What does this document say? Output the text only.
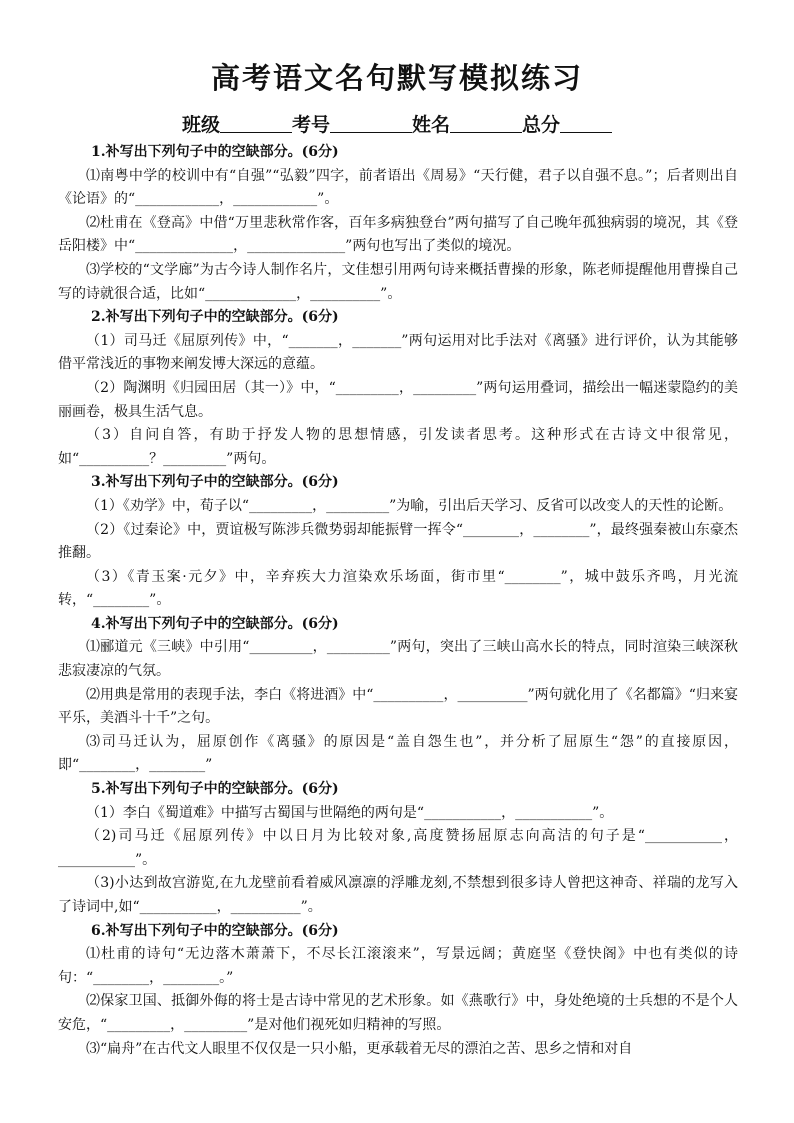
高考语文名句默写模拟练习
班级	考号	姓名	总分
1.补写出下列句子中的空缺部分。(6分)

⑴南粤中学的校训中有“自强”“弘毅”四字，前者语出《周易》“天行健，君子以自强不息。”；后者则出自《论语》的“____________，____________”。

⑵杜甫在《登高》中借“万里悲秋常作客，百年多病独登台”两句描写了自己晚年孤独病弱的境况，其《登岳阳楼》中“______________，______________”两句也写出了类似的境况。

⑶学校的“文学廊”为古今诗人制作名片，文佳想引用两句诗来概括曹操的形象，陈老师提醒他用曹操自己写的诗就很合适，比如“_____________，__________”。

2.补写出下列句子中的空缺部分。(6分)

（1）司马迁《屈原列传》中，“_______，_______”两句运用对比手法对《离骚》进行评价，认为其能够借平常浅近的事物来阐发博大深远的意蕴。

（2）陶渊明《归园田居（其一）》中，“_________，_________”两句运用叠词，描绘出一幅迷蒙隐约的美丽画卷，极具生活气息。

（3）自问自答，有助于抒发人物的思想情感，引发读者思考。这种形式在古诗文中很常见，如“__________？_________”两句。

3.补写出下列句子中的空缺部分。(6分)

（1）《劝学》中，荀子以“_________，_________”为喻，引出后天学习、反省可以改变人的天性的论断。

（2）《过秦论》中，贾谊极写陈涉兵微势弱却能振臂一挥令“________，________”，最终强秦被山东豪杰推翻。

（3）《青玉案·元夕》中，辛弃疾大力渲染欢乐场面，街市里“________”，城中鼓乐齐鸣，月光流转，“________”。

4.补写出下列句子中的空缺部分。(6分)

⑴郦道元《三峡》中引用“_________，_________”两句，突出了三峡山高水长的特点，同时渲染三峡深秋悲寂凄凉的气氛。

⑵用典是常用的表现手法，李白《将进酒》中“__________，__________”两句就化用了《名都篇》“归来宴平乐，美酒斗十千”之句。

⑶司马迁认为，屈原创作《离骚》的原因是“盖自怨生也”，并分析了屈原生“怨”的直接原因，即“________，________”

5.补写出下列句子中的空缺部分。(6分)

（1）李白《蜀道难》中描写古蜀国与世隔绝的两句是“___________，___________”。

（2)司马迁《屈原列传》中以日月为比较对象,高度赞扬屈原志向高洁的句子是“___________，___________”。

（3)小达到故宫游览,在九龙壁前看着威风凛凛的浮雕龙刻,不禁想到很多诗人曾把这神奇、祥瑞的龙写入了诗词中,如“___________，__________”。

6.补写出下列句子中的空缺部分。(6分)

⑴杜甫的诗句“无边落木萧萧下，不尽长江滚滚来”，写景远阔；黄庭坚《登快阁》中也有类似的诗句：“________，________。”

⑵保家卫国、抵御外侮的将士是古诗中常见的艺术形象。如《燕歌行》中，身处绝境的士兵想的不是个人安危，“_________，_________”是对他们视死如归精神的写照。

⑶“扁舟”在古代文人眼里不仅仅是一只小船，更承载着无尽的漂泊之苦、思乡之情和对自
